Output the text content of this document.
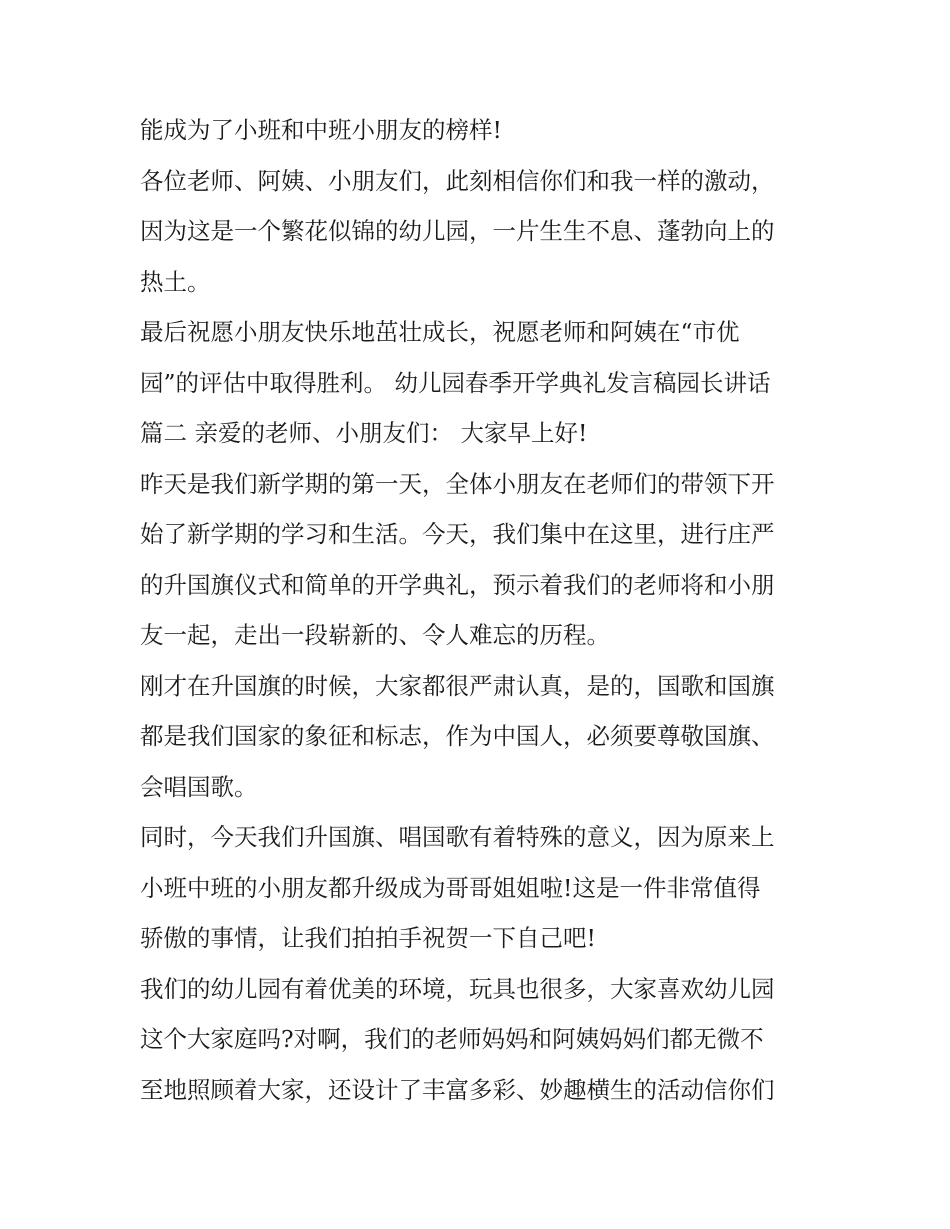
能成为了小班和中班小朋友的榜样!
各位老师、阿姨、小朋友们，此刻相信你们和我一样的激动，
因为这是一个繁花似锦的幼儿园，一片生生不息、蓬勃向上的
热土。
最后祝愿小朋友快乐地茁壮成长，祝愿老师和阿姨在“市优
园”的评估中取得胜利。 幼儿园春季开学典礼发言稿园长讲话
篇二 亲爱的老师、小朋友们： 大家早上好!
昨天是我们新学期的第一天，全体小朋友在老师们的带领下开
始了新学期的学习和生活。今天，我们集中在这里，进行庄严
的升国旗仪式和简单的开学典礼，预示着我们的老师将和小朋
友一起，走出一段崭新的、令人难忘的历程。
刚才在升国旗的时候，大家都很严肃认真，是的，国歌和国旗
都是我们国家的象征和标志，作为中国人，必须要尊敬国旗、
会唱国歌。
同时，今天我们升国旗、唱国歌有着特殊的意义，因为原来上
小班中班的小朋友都升级成为哥哥姐姐啦!这是一件非常值得
骄傲的事情，让我们拍拍手祝贺一下自己吧!
我们的幼儿园有着优美的环境，玩具也很多，大家喜欢幼儿园
这个大家庭吗?对啊，我们的老师妈妈和阿姨妈妈们都无微不
至地照顾着大家，还设计了丰富多彩、妙趣横生的活动信你们
